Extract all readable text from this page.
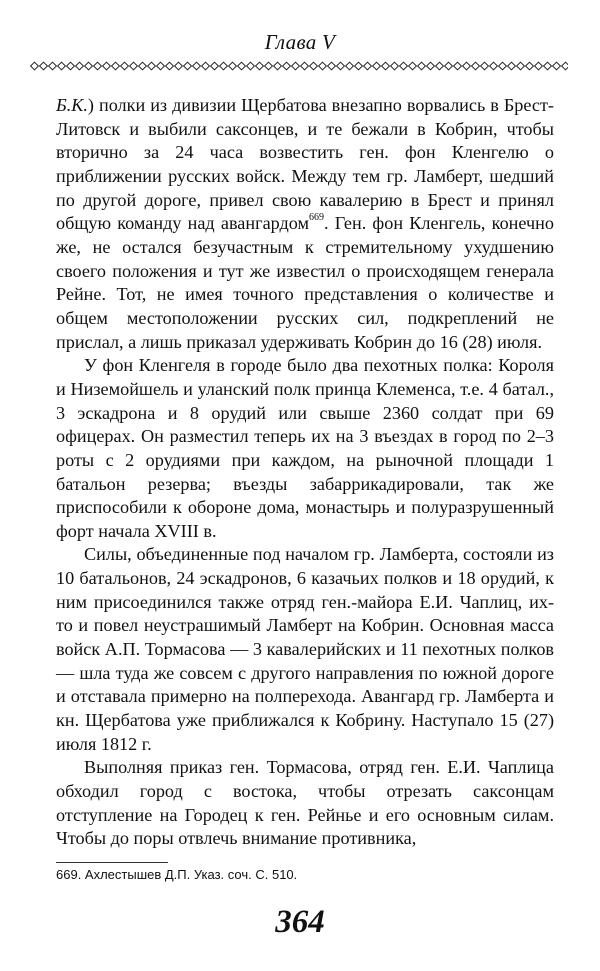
Глава V

Б.К.) полки из дивизии Щербатова внезапно ворвались в Брест-Литовск и выбили саксонцев, и те бежали в Кобрин, чтобы вторично за 24 часа возвестить ген. фон Кленгелю о приближении русских войск. Между тем гр. Ламберт, шедший по другой дороге, привел свою кавалерию в Брест и принял общую команду над авангардом$^{669}$. Ген. фон Кленгель, конечно же, не остался безучастным к стремительному ухудшению своего положения и тут же известил о происходящем генерала Рейне. Тот, не имея точного представления о количестве и общем местоположении русских сил, подкреплений не прислал, а лишь приказал удерживать Кобрин до 16 (28) июля.

У фон Кленгеля в городе было два пехотных полка: Короля и Низемойшель и уланский полк принца Клеменса, т.е. 4 батал., 3 эскадрона и 8 орудий или свыше 2360 солдат при 69 офицерах. Он разместил теперь их на 3 въездах в город по 2–3 роты с 2 орудиями при каждом, на рыночной площади 1 батальон резерва; въезды забаррикадировали, так же приспособили к обороне дома, монастырь и полуразрушенный форт начала XVIII в.

Силы, объединенные под началом гр. Ламберта, состояли из 10 батальонов, 24 эскадронов, 6 казачьих полков и 18 орудий, к ним присоединился также отряд ген.-майора Е.И. Чаплиц, их-то и повел неустрашимый Ламберт на Кобрин. Основная масса войск А.П. Тормасова — 3 кавалерийских и 11 пехотных полков — шла туда же совсем с другого направления по южной дороге и отставала примерно на полперехода. Авангард гр. Ламберта и кн. Щербатова уже приближался к Кобрину. Наступало 15 (27) июля 1812 г.

Выполняя приказ ген. Тормасова, отряд ген. Е.И. Чаплица обходил город с востока, чтобы отрезать саксонцам отступление на Городец к ген. Рейнье и его основным силам. Чтобы до поры отвлечь внимание противника,

669. Ахлестышев Д.П. Указ. соч. С. 510.
364
